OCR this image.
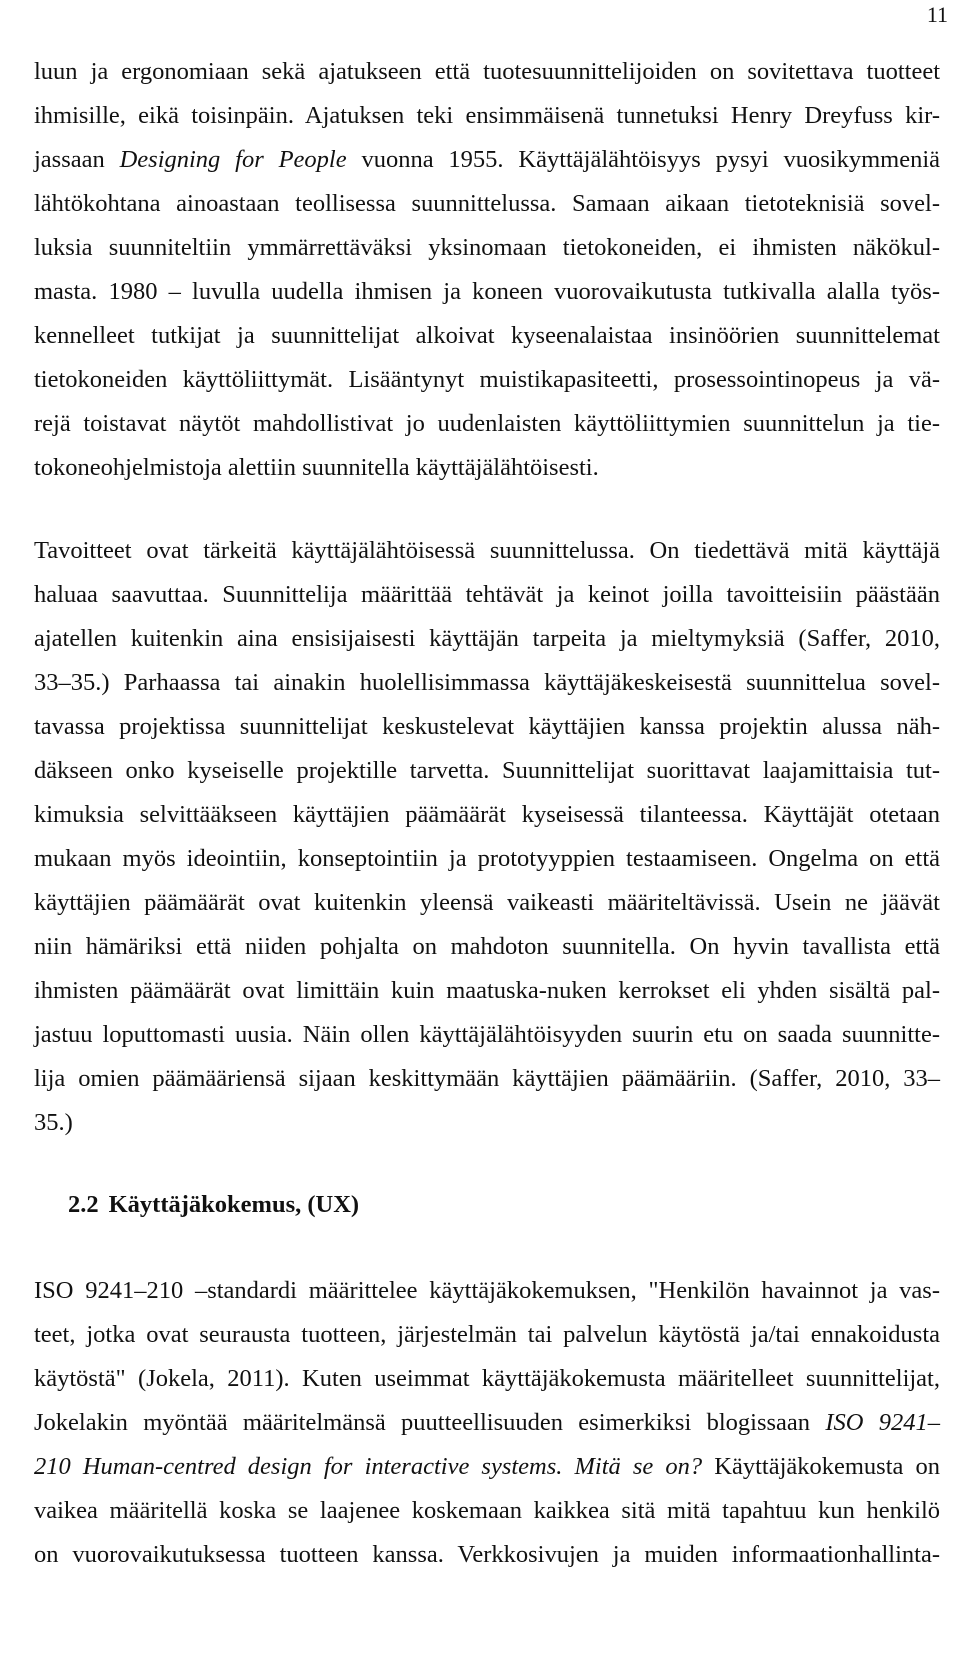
11
luun ja ergonomiaan sekä ajatukseen että tuotesuunnittelijoiden on sovitettava tuotteet
ihmisille, eikä toisinpäin. Ajatuksen teki ensimmäisenä tunnetuksi Henry Dreyfuss kir-
jassaan Designing for People vuonna 1955. Käyttäjälähtöisyys pysyi vuosikymmeniä
lähtökohtana ainoastaan teollisessa suunnittelussa. Samaan aikaan tietoteknisiä sovel-
luksia suunniteltiin ymmärrettäväksi yksinomaan tietokoneiden, ei ihmisten näkökul-
masta. 1980 – luvulla uudella ihmisen ja koneen vuorovaikutusta tutkivalla alalla työs-
kennelleet tutkijat ja suunnittelijat alkoivat kyseenalaistaa insinöörien suunnittelemat
tietokoneiden käyttöliittymät. Lisääntynyt muistikapasiteetti, prosessointinopeus ja vä-
rejä toistavat näytöt mahdollistivat jo uudenlaisten käyttöliittymien suunnittelun ja tie-
tokoneohjelmistoja alettiin suunnitella käyttäjälähtöisesti.
Tavoitteet ovat tärkeitä käyttäjälähtöisessä suunnittelussa. On tiedettävä mitä käyttäjä
haluaa saavuttaa. Suunnittelija määrittää tehtävät ja keinot joilla tavoitteisiin päästään
ajatellen kuitenkin aina ensisijaisesti käyttäjän tarpeita ja mieltymyksiä (Saffer, 2010,
33–35.) Parhaassa tai ainakin huolellisimmassa käyttäjäkeskeisestä suunnittelua sovel-
tavassa projektissa suunnittelijat keskustelevat käyttäjien kanssa projektin alussa näh-
däkseen onko kyseiselle projektille tarvetta. Suunnittelijat suorittavat laajamittaisia tut-
kimuksia selvittääkseen käyttäjien päämäärät kyseisessä tilanteessa. Käyttäjät otetaan
mukaan myös ideointiin, konseptointiin ja prototyyppien testaamiseen. Ongelma on että
käyttäjien päämäärät ovat kuitenkin yleensä vaikeasti määriteltävissä. Usein ne jäävät
niin hämäriksi että niiden pohjalta on mahdoton suunnitella. On hyvin tavallista että
ihmisten päämäärät ovat limittäin kuin maatuska-nuken kerrokset eli yhden sisältä pal-
jastuu loputtomasti uusia. Näin ollen käyttäjälähtöisyyden suurin etu on saada suunnitte-
lija omien päämääriensä sijaan keskittymään käyttäjien päämääriin. (Saffer, 2010, 33–
35.)
2.2 Käyttäjäkokemus, (UX)
ISO 9241–210 –standardi määrittelee käyttäjäkokemuksen, "Henkilön havainnot ja vas-
teet, jotka ovat seurausta tuotteen, järjestelmän tai palvelun käytöstä ja/tai ennakoidusta
käytöstä" (Jokela, 2011). Kuten useimmat käyttäjäkokemusta määritelleet suunnittelijat,
Jokelakin myöntää määritelmänsä puutteellisuuden esimerkiksi blogissaan ISO 9241–
210 Human-centred design for interactive systems. Mitä se on? Käyttäjäkokemusta on
vaikea määritellä koska se laajenee koskemaan kaikkea sitä mitä tapahtuu kun henkilö
on vuorovaikutuksessa tuotteen kanssa. Verkkosivujen ja muiden informaationhallinta-
